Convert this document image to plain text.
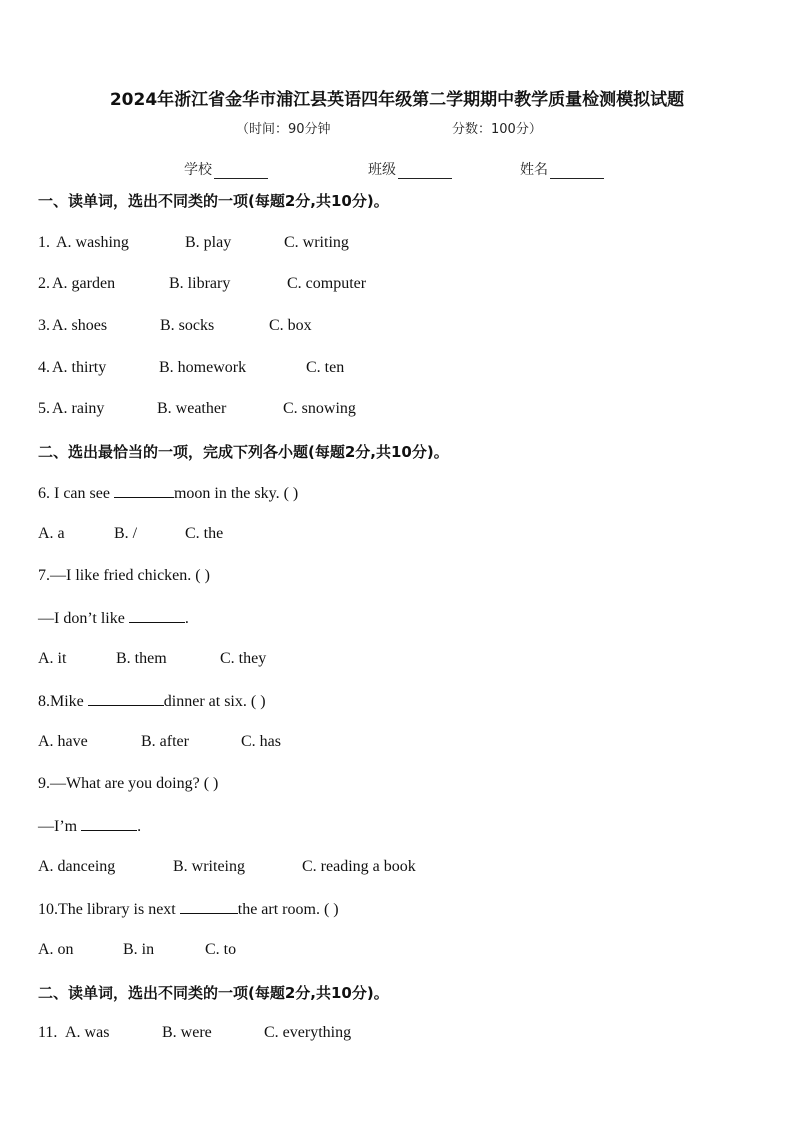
2024年浙江省金华市浦江县英语四年级第二学期期中教学质量检测模拟试题
（时间：90分钟	分数：100分）
学校	班级	姓名
一、读单词，选出不同类的一项(每题2分,共10分)。
1. A. washing	B. play	C. writing
2. A. garden	B. library	C. computer
3. A. shoes	B. socks	C. box
4. A. thirty	B. homework	C. ten
5. A. rainy	B. weather	C. snowing
二、选出最恰当的一项，完成下列各小题(每题2分,共10分)。
6. I can see	moon in the sky. ( )
A. a	B. /	C. the
7.—I like fried chicken. ( )
—I don’t like	.
A. it	B. them	C. they
8.Mike	dinner at six. ( )
A. have	B. after	C. has
9.—What are you doing? ( )
—I’m	.
A. danceing	B. writeing	C. reading a book
10.The library is next	the art room. ( )
A. on	B. in	C. to
二、读单词，选出不同类的一项(每题2分,共10分)。
11. A. was	B. were	C. everything
